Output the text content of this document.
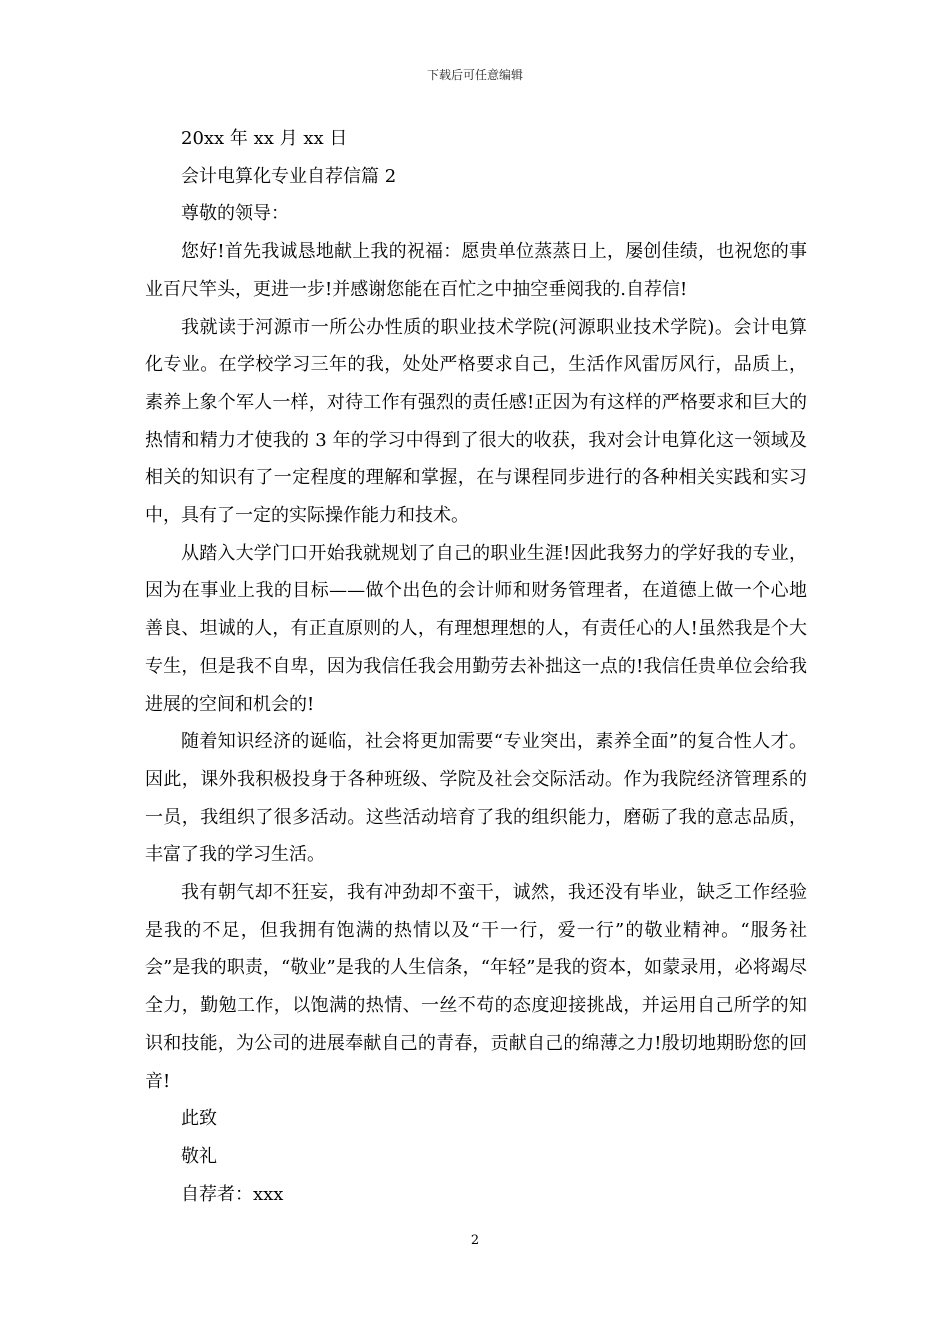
下载后可任意编辑

20xx 年 xx 月 xx 日

会计电算化专业自荐信篇 2

尊敬的领导：

您好!首先我诚恳地献上我的祝福：愿贵单位蒸蒸日上，屡创佳绩，也祝您的事业百尺竿头，更进一步!并感谢您能在百忙之中抽空垂阅我的.自荐信!

我就读于河源市一所公办性质的职业技术学院(河源职业技术学院)。会计电算化专业。在学校学习三年的我，处处严格要求自己，生活作风雷厉风行，品质上，素养上象个军人一样，对待工作有强烈的责任感!正因为有这样的严格要求和巨大的热情和精力才使我的 3 年的学习中得到了很大的收获，我对会计电算化这一领域及相关的知识有了一定程度的理解和掌握，在与课程同步进行的各种相关实践和实习中，具有了一定的实际操作能力和技术。

从踏入大学门口开始我就规划了自己的职业生涯!因此我努力的学好我的专业，因为在事业上我的目标——做个出色的会计师和财务管理者，在道德上做一个心地善良、坦诚的人，有正直原则的人，有理想理想的人，有责任心的人!虽然我是个大专生，但是我不自卑，因为我信任我会用勤劳去补拙这一点的!我信任贵单位会给我进展的空间和机会的!

随着知识经济的诞临，社会将更加需要“专业突出，素养全面”的复合性人才。因此，课外我积极投身于各种班级、学院及社会交际活动。作为我院经济管理系的一员，我组织了很多活动。这些活动培育了我的组织能力，磨砺了我的意志品质，丰富了我的学习生活。

我有朝气却不狂妄，我有冲劲却不蛮干，诚然，我还没有毕业，缺乏工作经验是我的不足，但我拥有饱满的热情以及“干一行，爱一行”的敬业精神。“服务社会”是我的职责，“敬业”是我的人生信条，“年轻”是我的资本，如蒙录用，必将竭尽全力，勤勉工作，以饱满的热情、一丝不苟的态度迎接挑战，并运用自己所学的知识和技能，为公司的进展奉献自己的青春，贡献自己的绵薄之力!殷切地期盼您的回音!

此致

敬礼

自荐者：xxx

2
